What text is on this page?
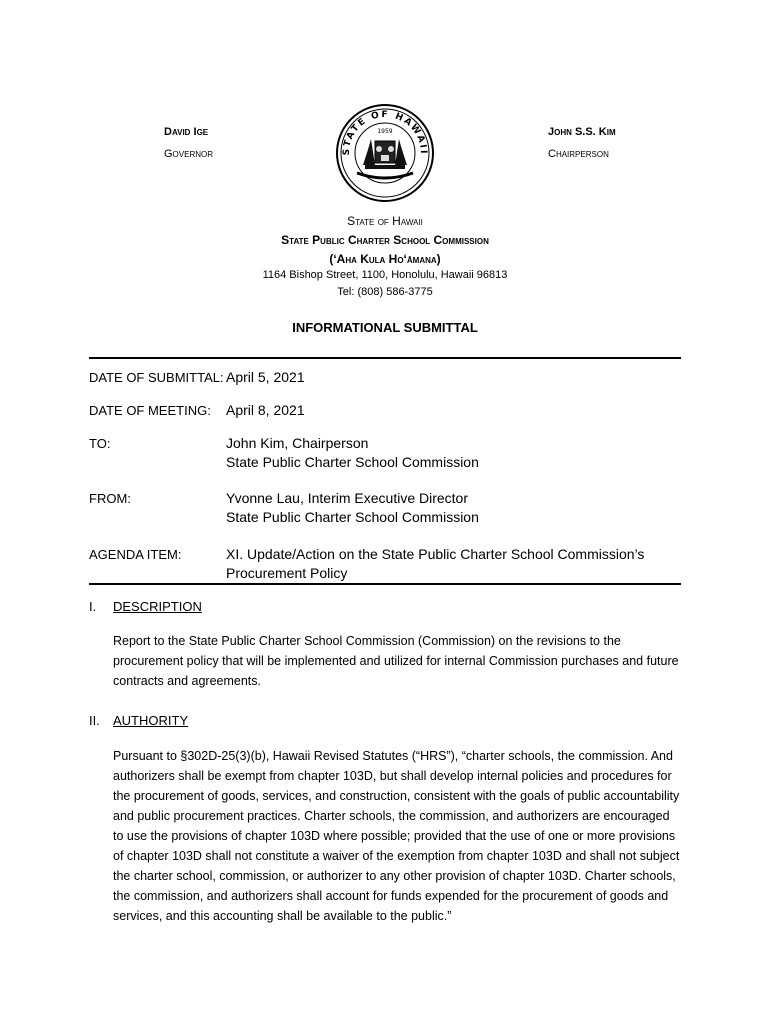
David Ige
Governor
John S.S. Kim
Chairperson
STATE OF HAWAII
1959
State of Hawaii
State Public Charter School Commission
(ʻAha Kula Hoʻāmana)
1164 Bishop Street, 1100, Honolulu, Hawaii 96813
Tel: (808) 586-3775
INFORMATIONAL SUBMITTAL
DATE OF SUBMITTAL: April 5, 2021
DATE OF MEETING: April 8, 2021
TO:	John Kim, Chairperson
State Public Charter School Commission
FROM:	Yvonne Lau, Interim Executive Director
State Public Charter School Commission
AGENDA ITEM:	XI. Update/Action on the State Public Charter School Commission’s
Procurement Policy
I. DESCRIPTION
Report to the State Public Charter School Commission (Commission) on the revisions to the procurement policy that will be implemented and utilized for internal Commission purchases and future contracts and agreements.
II. AUTHORITY
Pursuant to §302D-25(3)(b), Hawaii Revised Statutes (“HRS”), “charter schools, the commission. And authorizers shall be exempt from chapter 103D, but shall develop internal policies and procedures for the procurement of goods, services, and construction, consistent with the goals of public accountability and public procurement practices. Charter schools, the commission, and authorizers are encouraged to use the provisions of chapter 103D where possible; provided that the use of one or more provisions of chapter 103D shall not constitute a waiver of the exemption from chapter 103D and shall not subject the charter school, commission, or authorizer to any other provision of chapter 103D. Charter schools, the commission, and authorizers shall account for funds expended for the procurement of goods and services, and this accounting shall be available to the public.”
